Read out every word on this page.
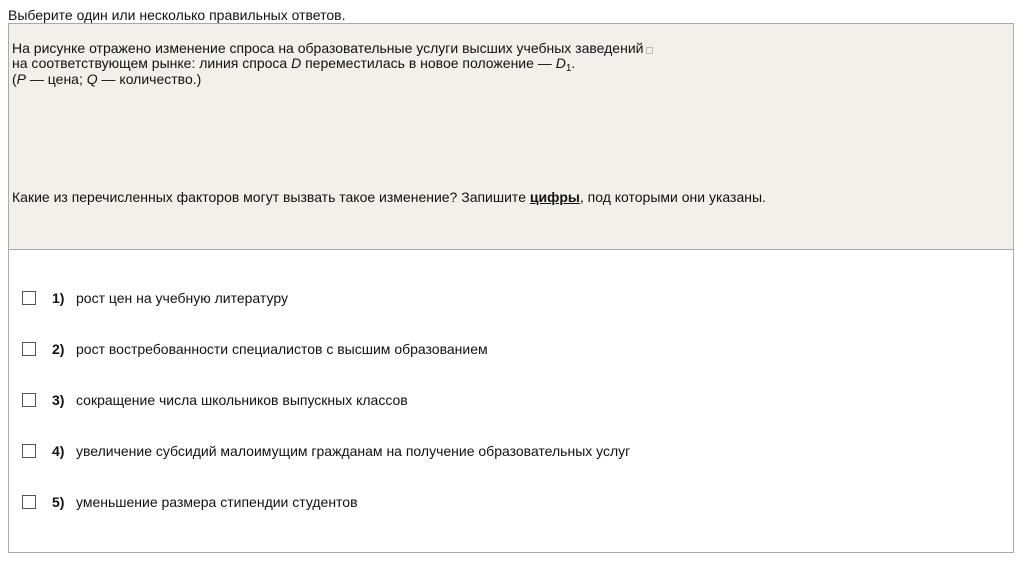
Выберите один или несколько правильных ответов.
На рисунке отражено изменение спроса на образовательные услуги высших учебных заведений
на соответствующем рынке: линия спроса D переместилась в новое положение — $D_1$.
(P — цена; Q — количество.)
Какие из перечисленных факторов могут вызвать такое изменение? Запишите цифры, под которыми они указаны.
1) рост цен на учебную литературу
2) рост востребованности специалистов с высшим образованием
3) сокращение числа школьников выпускных классов
4) увеличение субсидий малоимущим гражданам на получение образовательных услуг
5) уменьшение размера стипендии студентов
